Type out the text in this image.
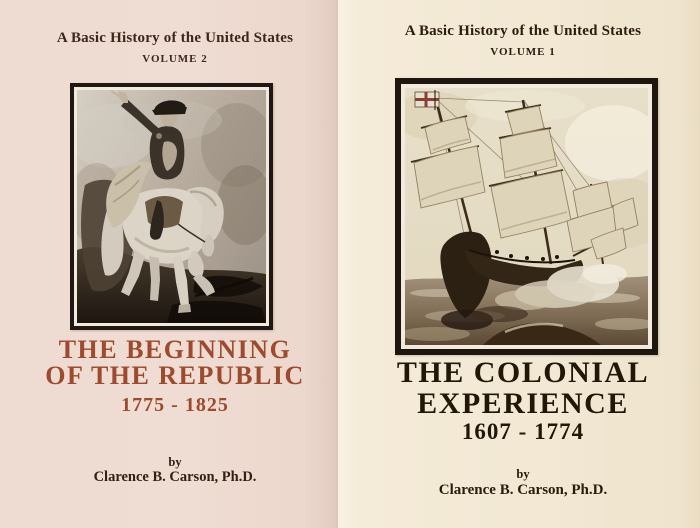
A Basic History of the United States
VOLUME 2
THE BEGINNING
OF THE REPUBLIC
1775 - 1825
by
Clarence B. Carson, Ph.D.
A Basic History of the United States
VOLUME 1
THE COLONIAL
EXPERIENCE
1607 - 1774
by
Clarence B. Carson, Ph.D.
